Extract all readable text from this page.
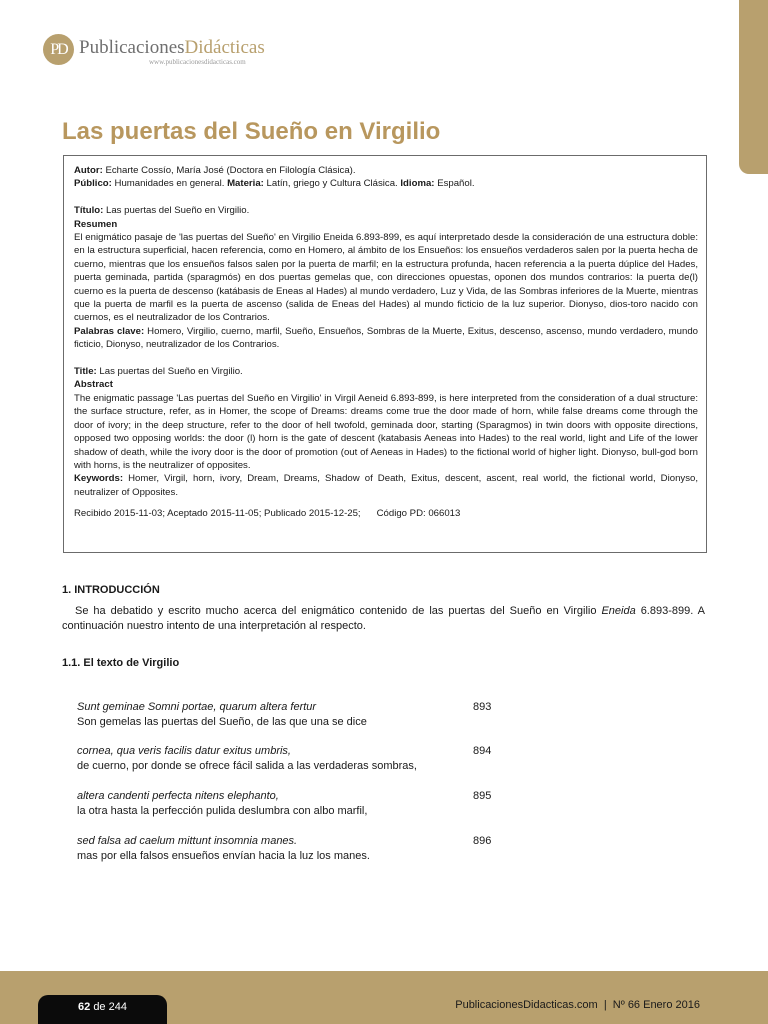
PD PublicacionesDidácticas
www.publicacionesdidacticas.com
Las puertas del Sueño en Virgilio

Autor: Echarte Cossío, María José (Doctora en Filología Clásica).

Público: Humanidades en general. Materia: Latín, griego y Cultura Clásica. Idioma: Español.

Título: Las puertas del Sueño en Virgilio.

Resumen

El enigmático pasaje de 'las puertas del Sueño' en Virgilio Eneida 6.893-899, es aquí interpretado desde la consideración de una estructura doble: en la estructura superficial, hacen referencia, como en Homero, al ámbito de los Ensueños: los ensueños verdaderos salen por la puerta hecha de cuerno, mientras que los ensueños falsos salen por la puerta de marfil; en la estructura profunda, hacen referencia a la puerta dúplice del Hades, puerta geminada, partida (sparagmós) en dos puertas gemelas que, con direcciones opuestas, oponen dos mundos contrarios: la puerta de(l) cuerno es la puerta de descenso (katábasis de Eneas al Hades) al mundo verdadero, Luz y Vida, de las Sombras inferiores de la Muerte, mientras que la puerta de marfil es la puerta de ascenso (salida de Eneas del Hades) al mundo ficticio de la luz superior. Dionyso, dios-toro nacido con cuernos, es el neutralizador de los Contrarios.

Palabras clave: Homero, Virgilio, cuerno, marfil, Sueño, Ensueños, Sombras de la Muerte, Exitus, descenso, ascenso, mundo verdadero, mundo ficticio, Dionyso, neutralizador de los Contrarios.

Title: Las puertas del Sueño en Virgilio.

Abstract

The enigmatic passage 'Las puertas del Sueño en Virgilio' in Virgil Aeneid 6.893-899, is here interpreted from the consideration of a dual structure: the surface structure, refer, as in Homer, the scope of Dreams: dreams come true the door made of horn, while false dreams come through the door of ivory; in the deep structure, refer to the door of hell twofold, geminada door, starting (Sparagmos) in twin doors with opposite directions, opposed two opposing worlds: the door (l) horn is the gate of descent (katabasis Aeneas into Hades) to the real world, light and Life of the lower shadow of death, while the ivory door is the door of promotion (out of Aeneas in Hades) to the fictional world of higher light. Dionyso, bull-god born with horns, is the neutralizer of opposites.

Keywords: Homer, Virgil, horn, ivory, Dream, Dreams, Shadow of Death, Exitus, descent, ascent, real world, the fictional world, Dionyso, neutralizer of Opposites.

Recibido 2015-11-03; Aceptado 2015-11-05; Publicado 2015-12-25; Código PD: 066013

1. INTRODUCCIÓN

Se ha debatido y escrito mucho acerca del enigmático contenido de las puertas del Sueño en Virgilio Eneida 6.893-899. A continuación nuestro intento de una interpretación al respecto.

1.1. El texto de Virgilio
Sunt geminae Somni portae, quarum altera fertur
Son gemelas las puertas del Sueño, de las que una se dice
893
cornea, qua veris facilis datur exitus umbris,
de cuerno, por donde se ofrece fácil salida a las verdaderas sombras,
894
altera candenti perfecta nitens elephanto,
la otra hasta la perfección pulida deslumbra con albo marfil,
895
sed falsa ad caelum mittunt insomnia manes.
mas por ella falsos ensueños envían hacia la luz los manes.
896
62 de 244	PublicacionesDidacticas.com | Nº 66 Enero 2016
